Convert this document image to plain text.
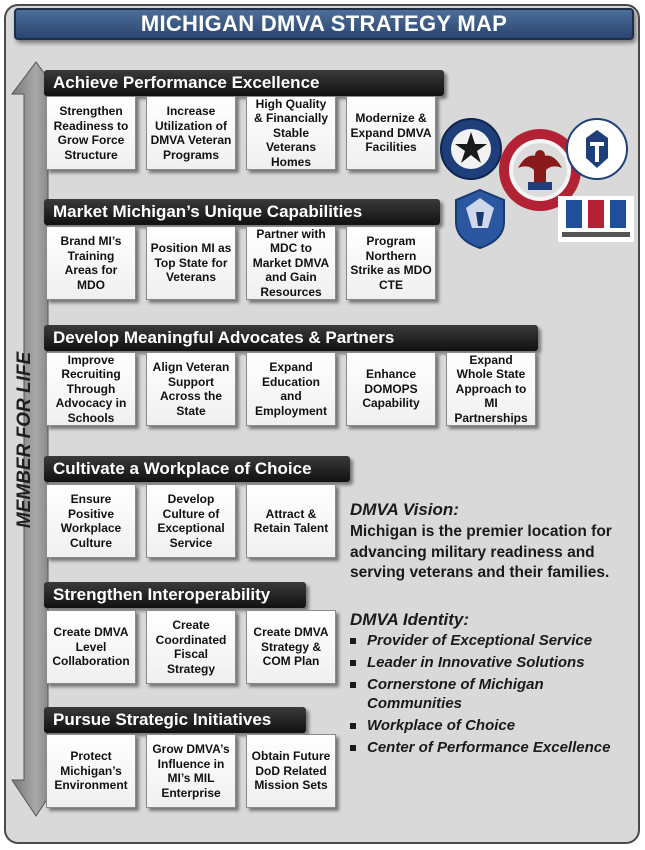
MICHIGAN DMVA STRATEGY MAP
MEMBER FOR LIFE
Achieve Performance Excellence
Strengthen Readiness to Grow Force Structure
Increase Utilization of DMVA Veteran Programs
High Quality & Financially Stable Veterans Homes
Modernize & Expand DMVA Facilities
Market Michigan’s Unique Capabilities
Brand MI’s Training Areas for MDO
Position MI as Top State for Veterans
Partner with MDC to Market DMVA and Gain Resources
Program Northern Strike as MDO CTE
Develop Meaningful Advocates & Partners
Improve Recruiting Through Advocacy in Schools
Align Veteran Support Across the State
Expand Education and Employment
Enhance DOMOPS Capability
Expand Whole State Approach to MI Partnerships
Cultivate a Workplace of Choice
Ensure Positive Workplace Culture
Develop Culture of Exceptional Service
Attract & Retain Talent
Strengthen Interoperability
Create DMVA Level Collaboration
Create Coordinated Fiscal Strategy
Create DMVA Strategy & COM Plan
Pursue Strategic Initiatives
Protect Michigan’s Environment
Grow DMVA’s Influence in MI’s MIL Enterprise
Obtain Future DoD Related Mission Sets
DMVA Vision:
Michigan is the premier location for advancing military readiness and serving veterans and their families.
DMVA Identity:
Provider of Exceptional Service
Leader in Innovative Solutions
Cornerstone of Michigan Communities
Workplace of Choice
Center of Performance Excellence
